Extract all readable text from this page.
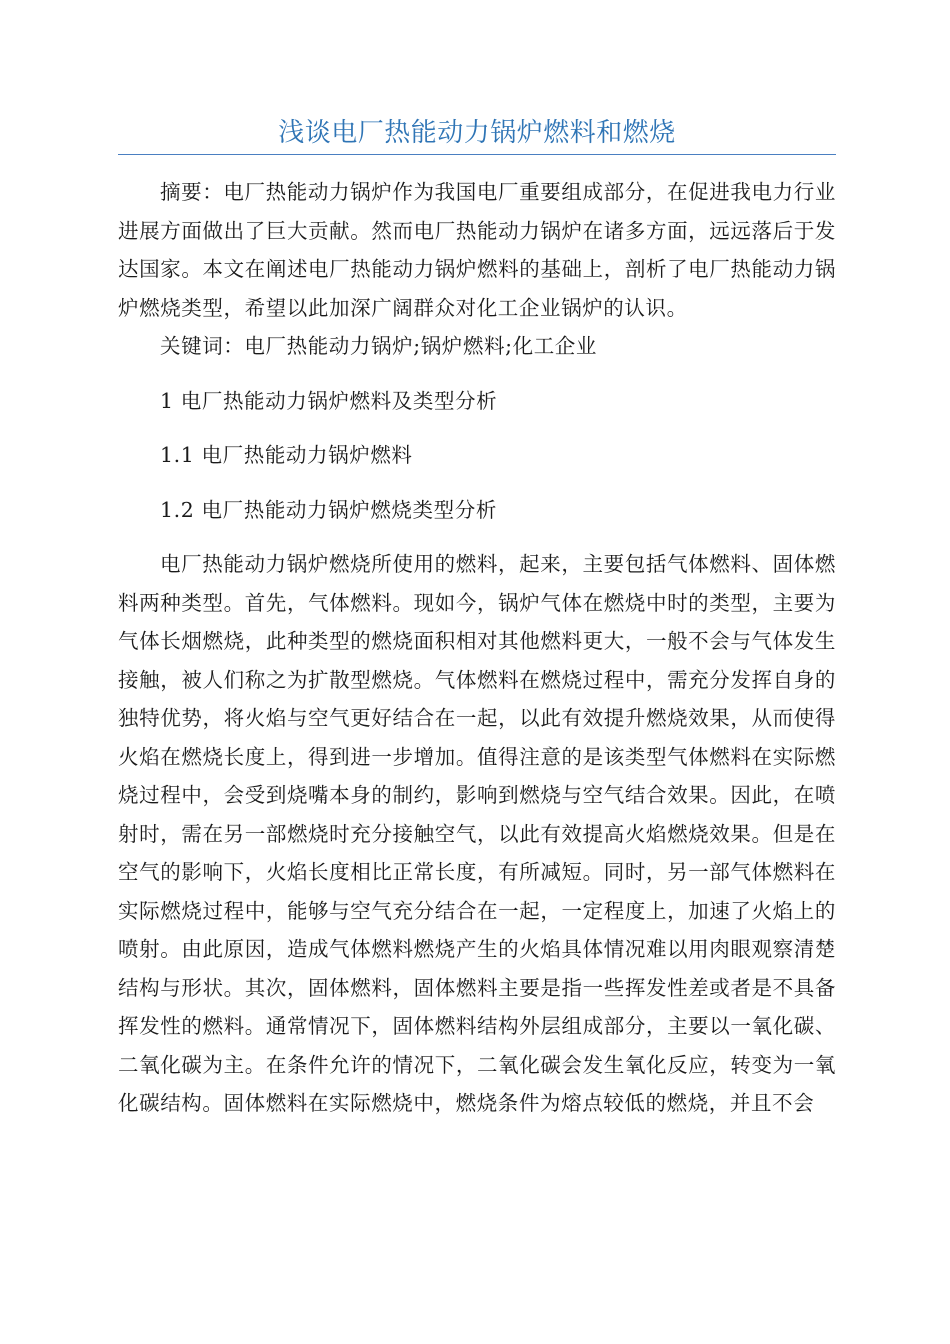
浅谈电厂热能动力锅炉燃料和燃烧

摘要：电厂热能动力锅炉作为我国电厂重要组成部分，在促进我电力行业进展方面做出了巨大贡献。然而电厂热能动力锅炉在诸多方面，远远落后于发达国家。本文在阐述电厂热能动力锅炉燃料的基础上，剖析了电厂热能动力锅炉燃烧类型，希望以此加深广阔群众对化工企业锅炉的认识。

关键词：电厂热能动力锅炉;锅炉燃料;化工企业

1 电厂热能动力锅炉燃料及类型分析

1.1 电厂热能动力锅炉燃料

1.2 电厂热能动力锅炉燃烧类型分析

电厂热能动力锅炉燃烧所使用的燃料，起来，主要包括气体燃料、固体燃料两种类型。首先，气体燃料。现如今，锅炉气体在燃烧中时的类型，主要为气体长烟燃烧，此种类型的燃烧面积相对其他燃料更大，一般不会与气体发生接触，被人们称之为扩散型燃烧。气体燃料在燃烧过程中，需充分发挥自身的独特优势，将火焰与空气更好结合在一起，以此有效提升燃烧效果，从而使得火焰在燃烧长度上，得到进一步增加。值得注意的是该类型气体燃料在实际燃烧过程中，会受到烧嘴本身的制约，影响到燃烧与空气结合效果。因此，在喷射时，需在另一部燃烧时充分接触空气，以此有效提高火焰燃烧效果。但是在空气的影响下，火焰长度相比正常长度，有所减短。同时，另一部气体燃料在实际燃烧过程中，能够与空气充分结合在一起，一定程度上，加速了火焰上的喷射。由此原因，造成气体燃料燃烧产生的火焰具体情况难以用肉眼观察清楚结构与形状。其次，固体燃料，固体燃料主要是指一些挥发性差或者是不具备挥发性的燃料。通常情况下，固体燃料结构外层组成部分，主要以一氧化碳、二氧化碳为主。在条件允许的情况下，二氧化碳会发生氧化反应，转变为一氧化碳结构。固体燃料在实际燃烧中，燃烧条件为熔点较低的燃烧，并且不会
